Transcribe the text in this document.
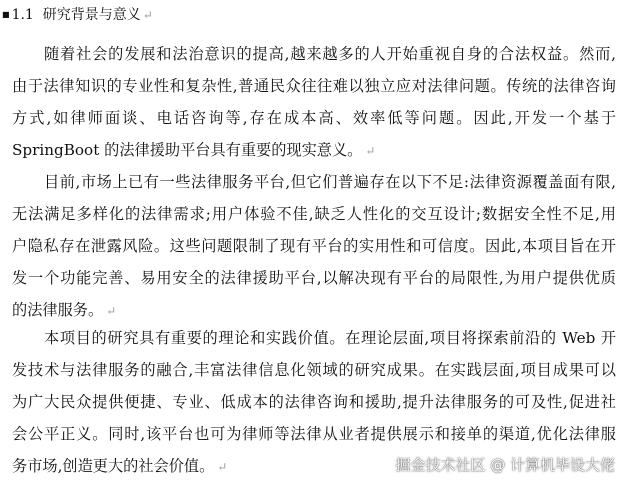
■ 1.1 研究背景与意义 ↵
随着社会的发展和法治意识的提高,越来越多的人开始重视自身的合法权益。然而,
由于法律知识的专业性和复杂性,普通民众往往难以独立应对法律问题。传统的法律咨询
方式,如律师面谈、电话咨询等,存在成本高、效率低等问题。因此,开发一个基于
SpringBoot 的法律援助平台具有重要的现实意义。 ↵
目前,市场上已有一些法律服务平台,但它们普遍存在以下不足:法律资源覆盖面有限,
无法满足多样化的法律需求;用户体验不佳,缺乏人性化的交互设计;数据安全性不足,用
户隐私存在泄露风险。这些问题限制了现有平台的实用性和可信度。因此,本项目旨在开
发一个功能完善、易用安全的法律援助平台,以解决现有平台的局限性,为用户提供优质
的法律服务。 ↵
本项目的研究具有重要的理论和实践价值。在理论层面,项目将探索前沿的 Web 开
发技术与法律服务的融合,丰富法律信息化领域的研究成果。在实践层面,项目成果可以
为广大民众提供便捷、专业、低成本的法律咨询和援助,提升法律服务的可及性,促进社
会公平正义。同时,该平台也可为律师等法律从业者提供展示和接单的渠道,优化法律服
务市场,创造更大的社会价值。 ↵	掘金技术社区 @ 计算机毕设大佬
